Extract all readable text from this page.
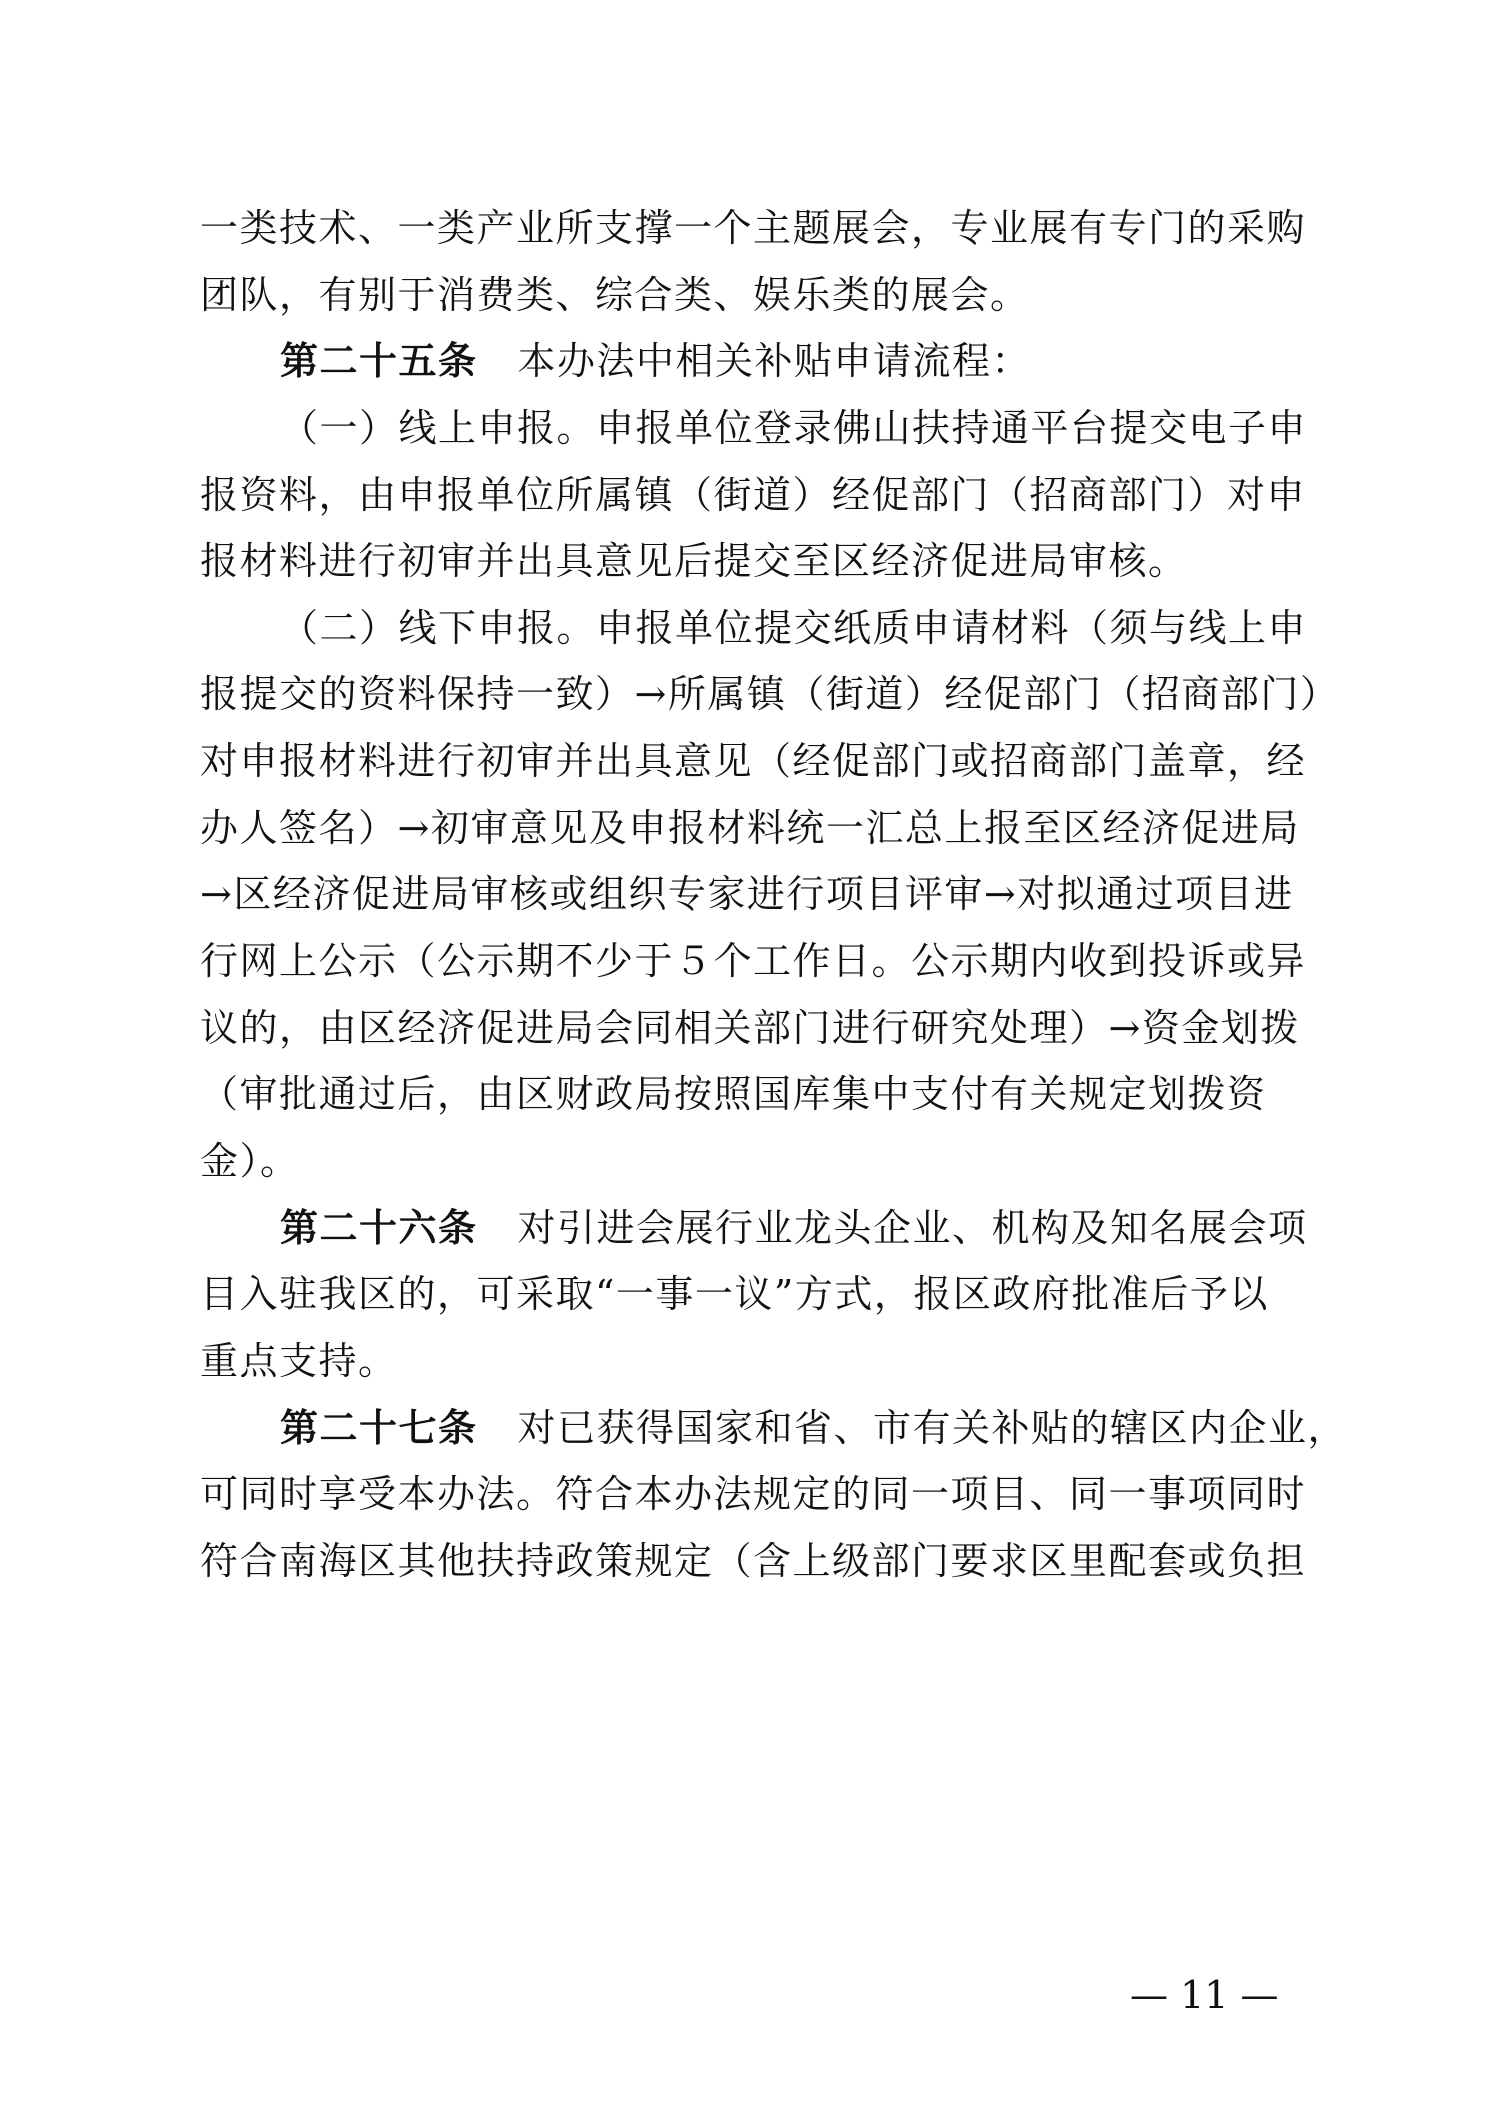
一类技术、一类产业所支撑一个主题展会，专业展有专门的采购
团队，有别于消费类、综合类、娱乐类的展会。
第二十五条 本办法中相关补贴申请流程：
（一）线上申报。申报单位登录佛山扶持通平台提交电子申
报资料，由申报单位所属镇（街道）经促部门（招商部门）对申
报材料进行初审并出具意见后提交至区经济促进局审核。
（二）线下申报。申报单位提交纸质申请材料（须与线上申
报提交的资料保持一致）→所属镇（街道）经促部门（招商部门）
对申报材料进行初审并出具意见（经促部门或招商部门盖章，经
办人签名）→初审意见及申报材料统一汇总上报至区经济促进局
→区经济促进局审核或组织专家进行项目评审→对拟通过项目进
行网上公示（公示期不少于５个工作日。公示期内收到投诉或异
议的，由区经济促进局会同相关部门进行研究处理）→资金划拨
（审批通过后，由区财政局按照国库集中支付有关规定划拨资
金）。
第二十六条 对引进会展行业龙头企业、机构及知名展会项
目入驻我区的，可采取“一事一议”方式，报区政府批准后予以
重点支持。
第二十七条 对已获得国家和省、市有关补贴的辖区内企业，
可同时享受本办法。符合本办法规定的同一项目、同一事项同时
符合南海区其他扶持政策规定（含上级部门要求区里配套或负担
— 11 —
